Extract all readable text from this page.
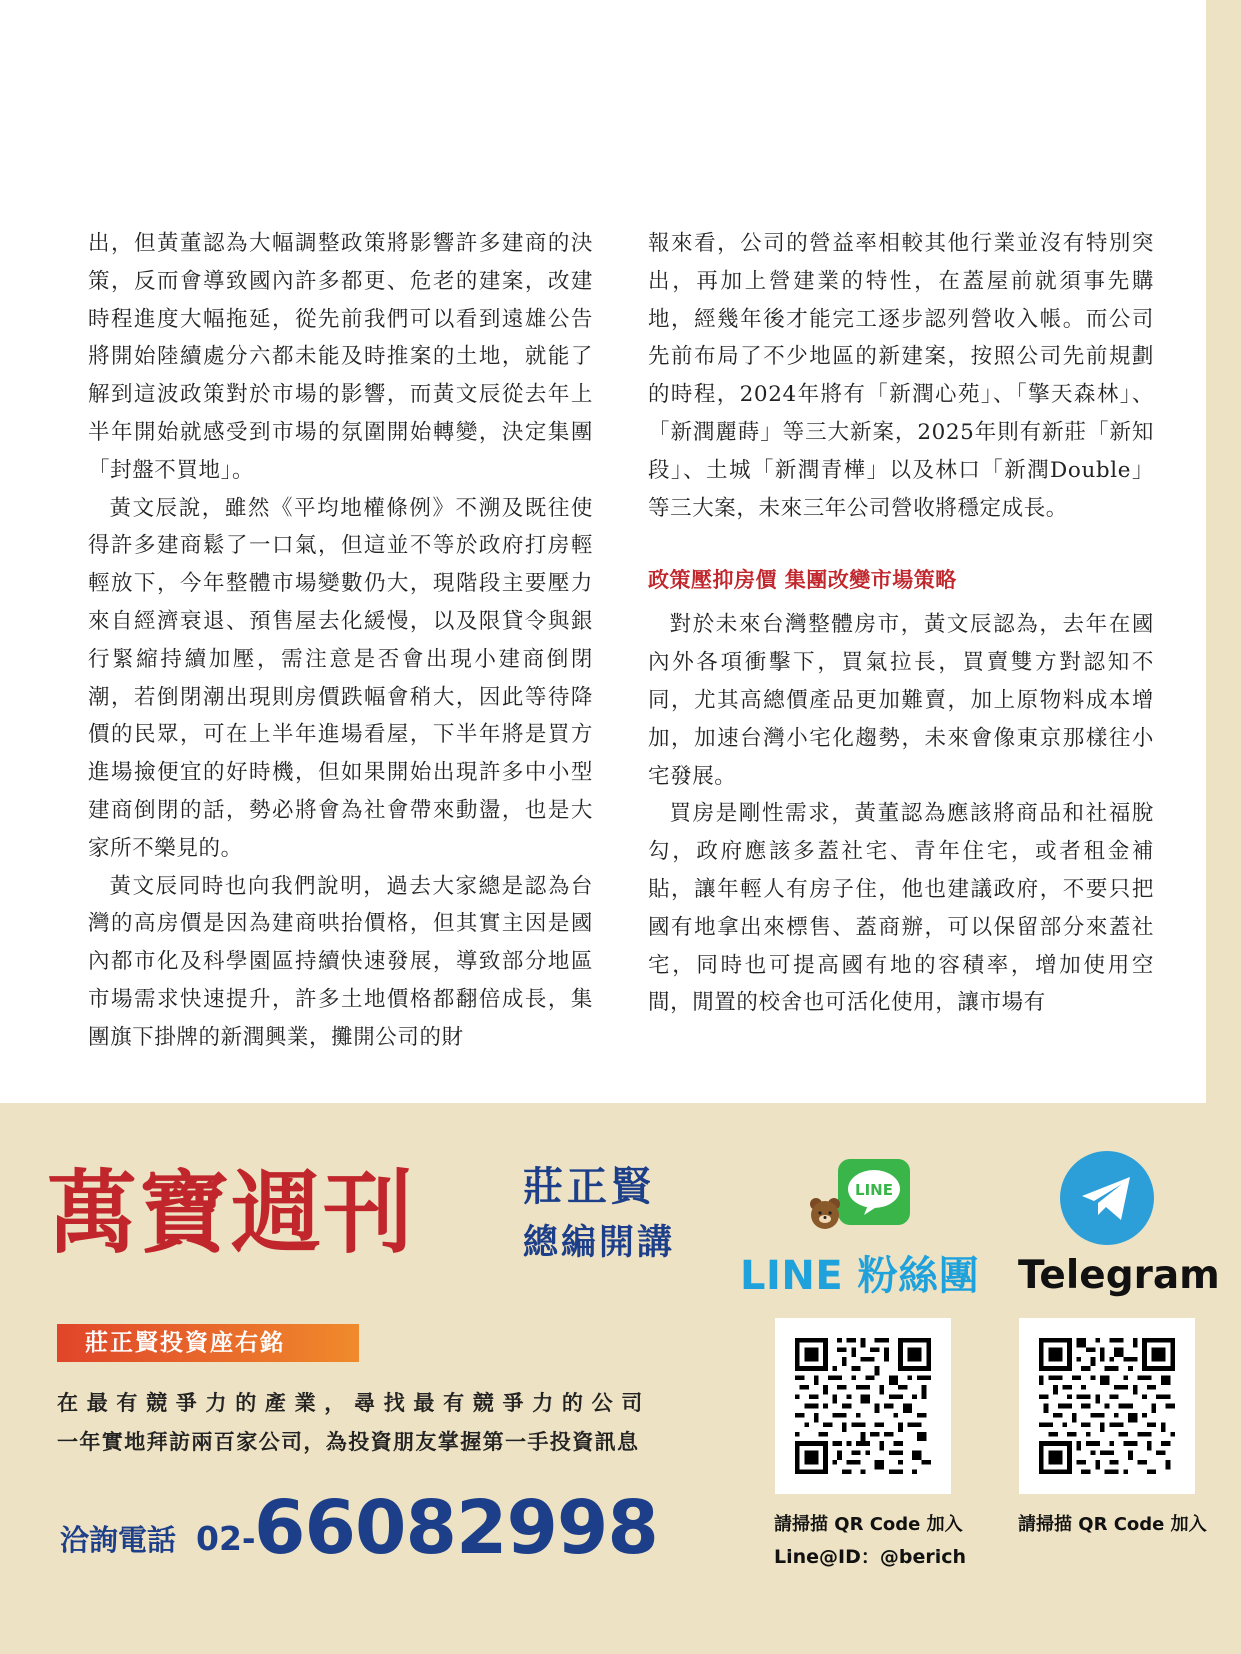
出，但黃董認為大幅調整政策將影響許多建商的決策，反而會導致國內許多都更、危老的建案，改建時程進度大幅拖延，從先前我們可以看到遠雄公告將開始陸續處分六都未能及時推案的土地，就能了解到這波政策對於市場的影響，而黃文辰從去年上半年開始就感受到市場的氛圍開始轉變，決定集團「封盤不買地」。

黃文辰說，雖然《平均地權條例》不溯及既往使得許多建商鬆了一口氣，但這並不等於政府打房輕輕放下，今年整體市場變數仍大，現階段主要壓力來自經濟衰退、預售屋去化緩慢，以及限貸令與銀行緊縮持續加壓，需注意是否會出現小建商倒閉潮，若倒閉潮出現則房價跌幅會稍大，因此等待降價的民眾，可在上半年進場看屋，下半年將是買方進場撿便宜的好時機，但如果開始出現許多中小型建商倒閉的話，勢必將會為社會帶來動盪，也是大家所不樂見的。

黃文辰同時也向我們說明，過去大家總是認為台灣的高房價是因為建商哄抬價格，但其實主因是國內都市化及科學園區持續快速發展，導致部分地區市場需求快速提升，許多土地價格都翻倍成長，集團旗下掛牌的新潤興業，攤開公司的財

報來看，公司的營益率相較其他行業並沒有特別突出，再加上營建業的特性，在蓋屋前就須事先購地，經幾年後才能完工逐步認列營收入帳。而公司先前布局了不少地區的新建案，按照公司先前規劃的時程，2024年將有「新潤心苑」、「擎天森林」、「新潤麗蒔」等三大新案，2025年則有新莊「新知段」、土城「新潤青樺」以及林口「新潤Double」等三大案，未來三年公司營收將穩定成長。

政策壓抑房價 集團改變市場策略

對於未來台灣整體房市，黃文辰認為，去年在國內外各項衝擊下，買氣拉長，買賣雙方對認知不同，尤其高總價產品更加難賣，加上原物料成本增加，加速台灣小宅化趨勢，未來會像東京那樣往小宅發展。

買房是剛性需求，黃董認為應該將商品和社福脫勾，政府應該多蓋社宅、青年住宅，或者租金補貼，讓年輕人有房子住，他也建議政府，不要只把國有地拿出來標售、蓋商辦，可以保留部分來蓋社宅，同時也可提高國有地的容積率，增加使用空間，閒置的校舍也可活化使用，讓市場有

萬寶週刊	莊正賢
總編開講
莊正賢投資座右銘
在最有競爭力的產業，尋找最有競爭力的公司
一年實地拜訪兩百家公司，為投資朋友掌握第一手投資訊息
洽詢電話 02-
66082998
LINE
LINE 粉絲團 Telegram
請掃描 QR Code 加入
Line@ID：@berich
請掃描 QR Code 加入
